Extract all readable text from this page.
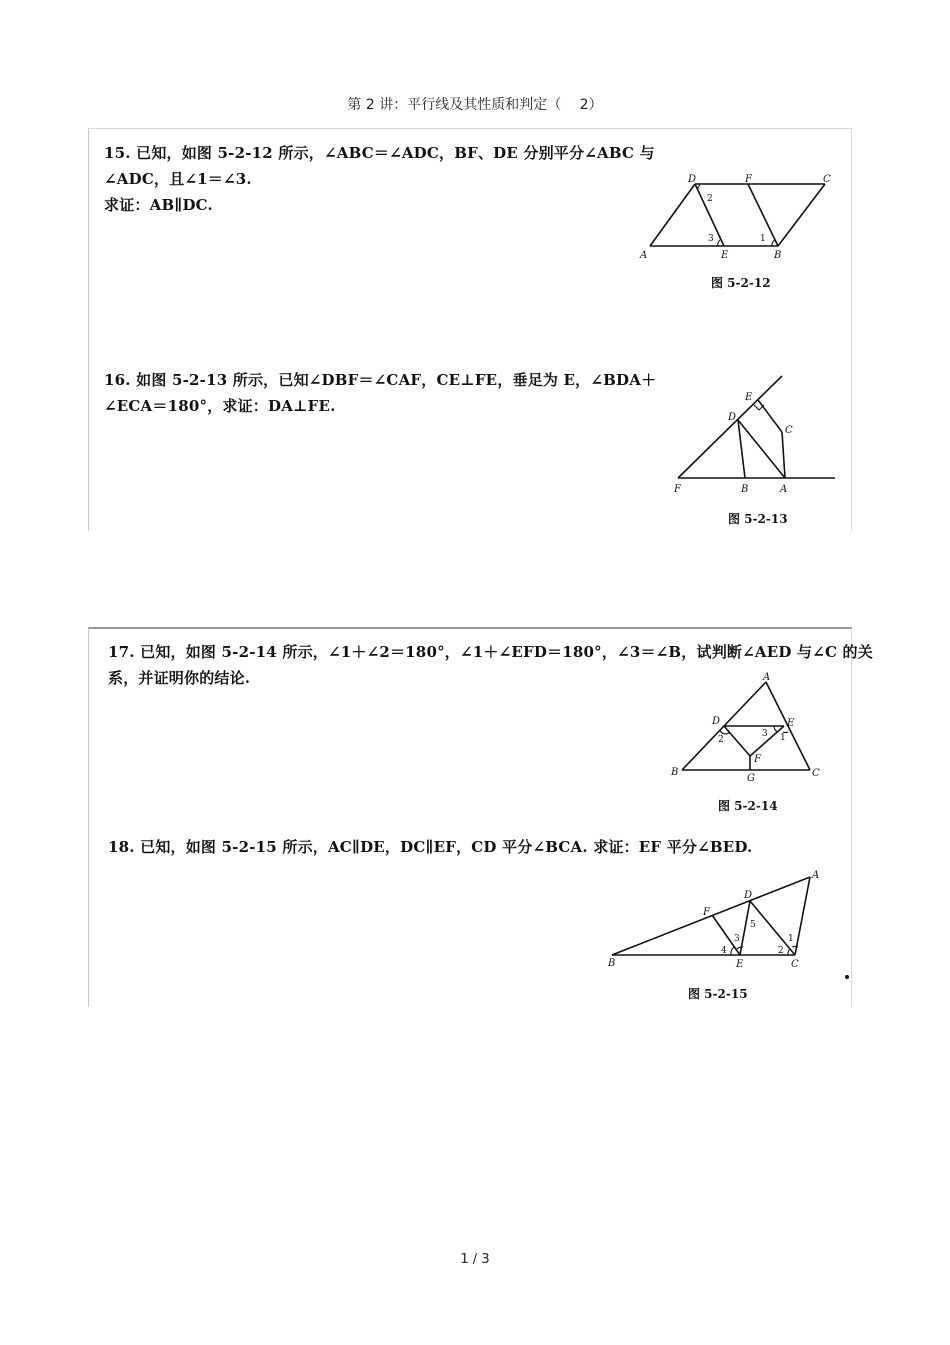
第 2 讲：平行线及其性质和判定（　 2）
15. 已知，如图 5-2-12 所示，∠ABC＝∠ADC，BF、DE 分别平分∠ABC 与
∠ADC，且∠1＝∠3.
求证：AB∥DC.
A	B
C
D
E
F
1
2
3
图 5-2-12
16. 如图 5-2-13 所示，已知∠DBF＝∠CAF，CE⊥FE，垂足为 E，∠BDA＋
∠ECA＝180°，求证：DA⊥FE.
F	B	A
C
D
E
图 5-2-13
17. 已知，如图 5-2-14 所示，∠1＋∠2＝180°，∠1＋∠EFD＝180°，∠3＝∠B，试判断∠AED 与∠C 的关
系，并证明你的结论.	A
B	C
D	E
F
G
1
2
3
图 5-2-14
18. 已知，如图 5-2-15 所示，AC∥DE，DC∥EF，CD 平分∠BCA. 求证：EF 平分∠BED.
B	C
A
D
E
F
1
2
3
4
5
图 5-2-15
1 / 3
